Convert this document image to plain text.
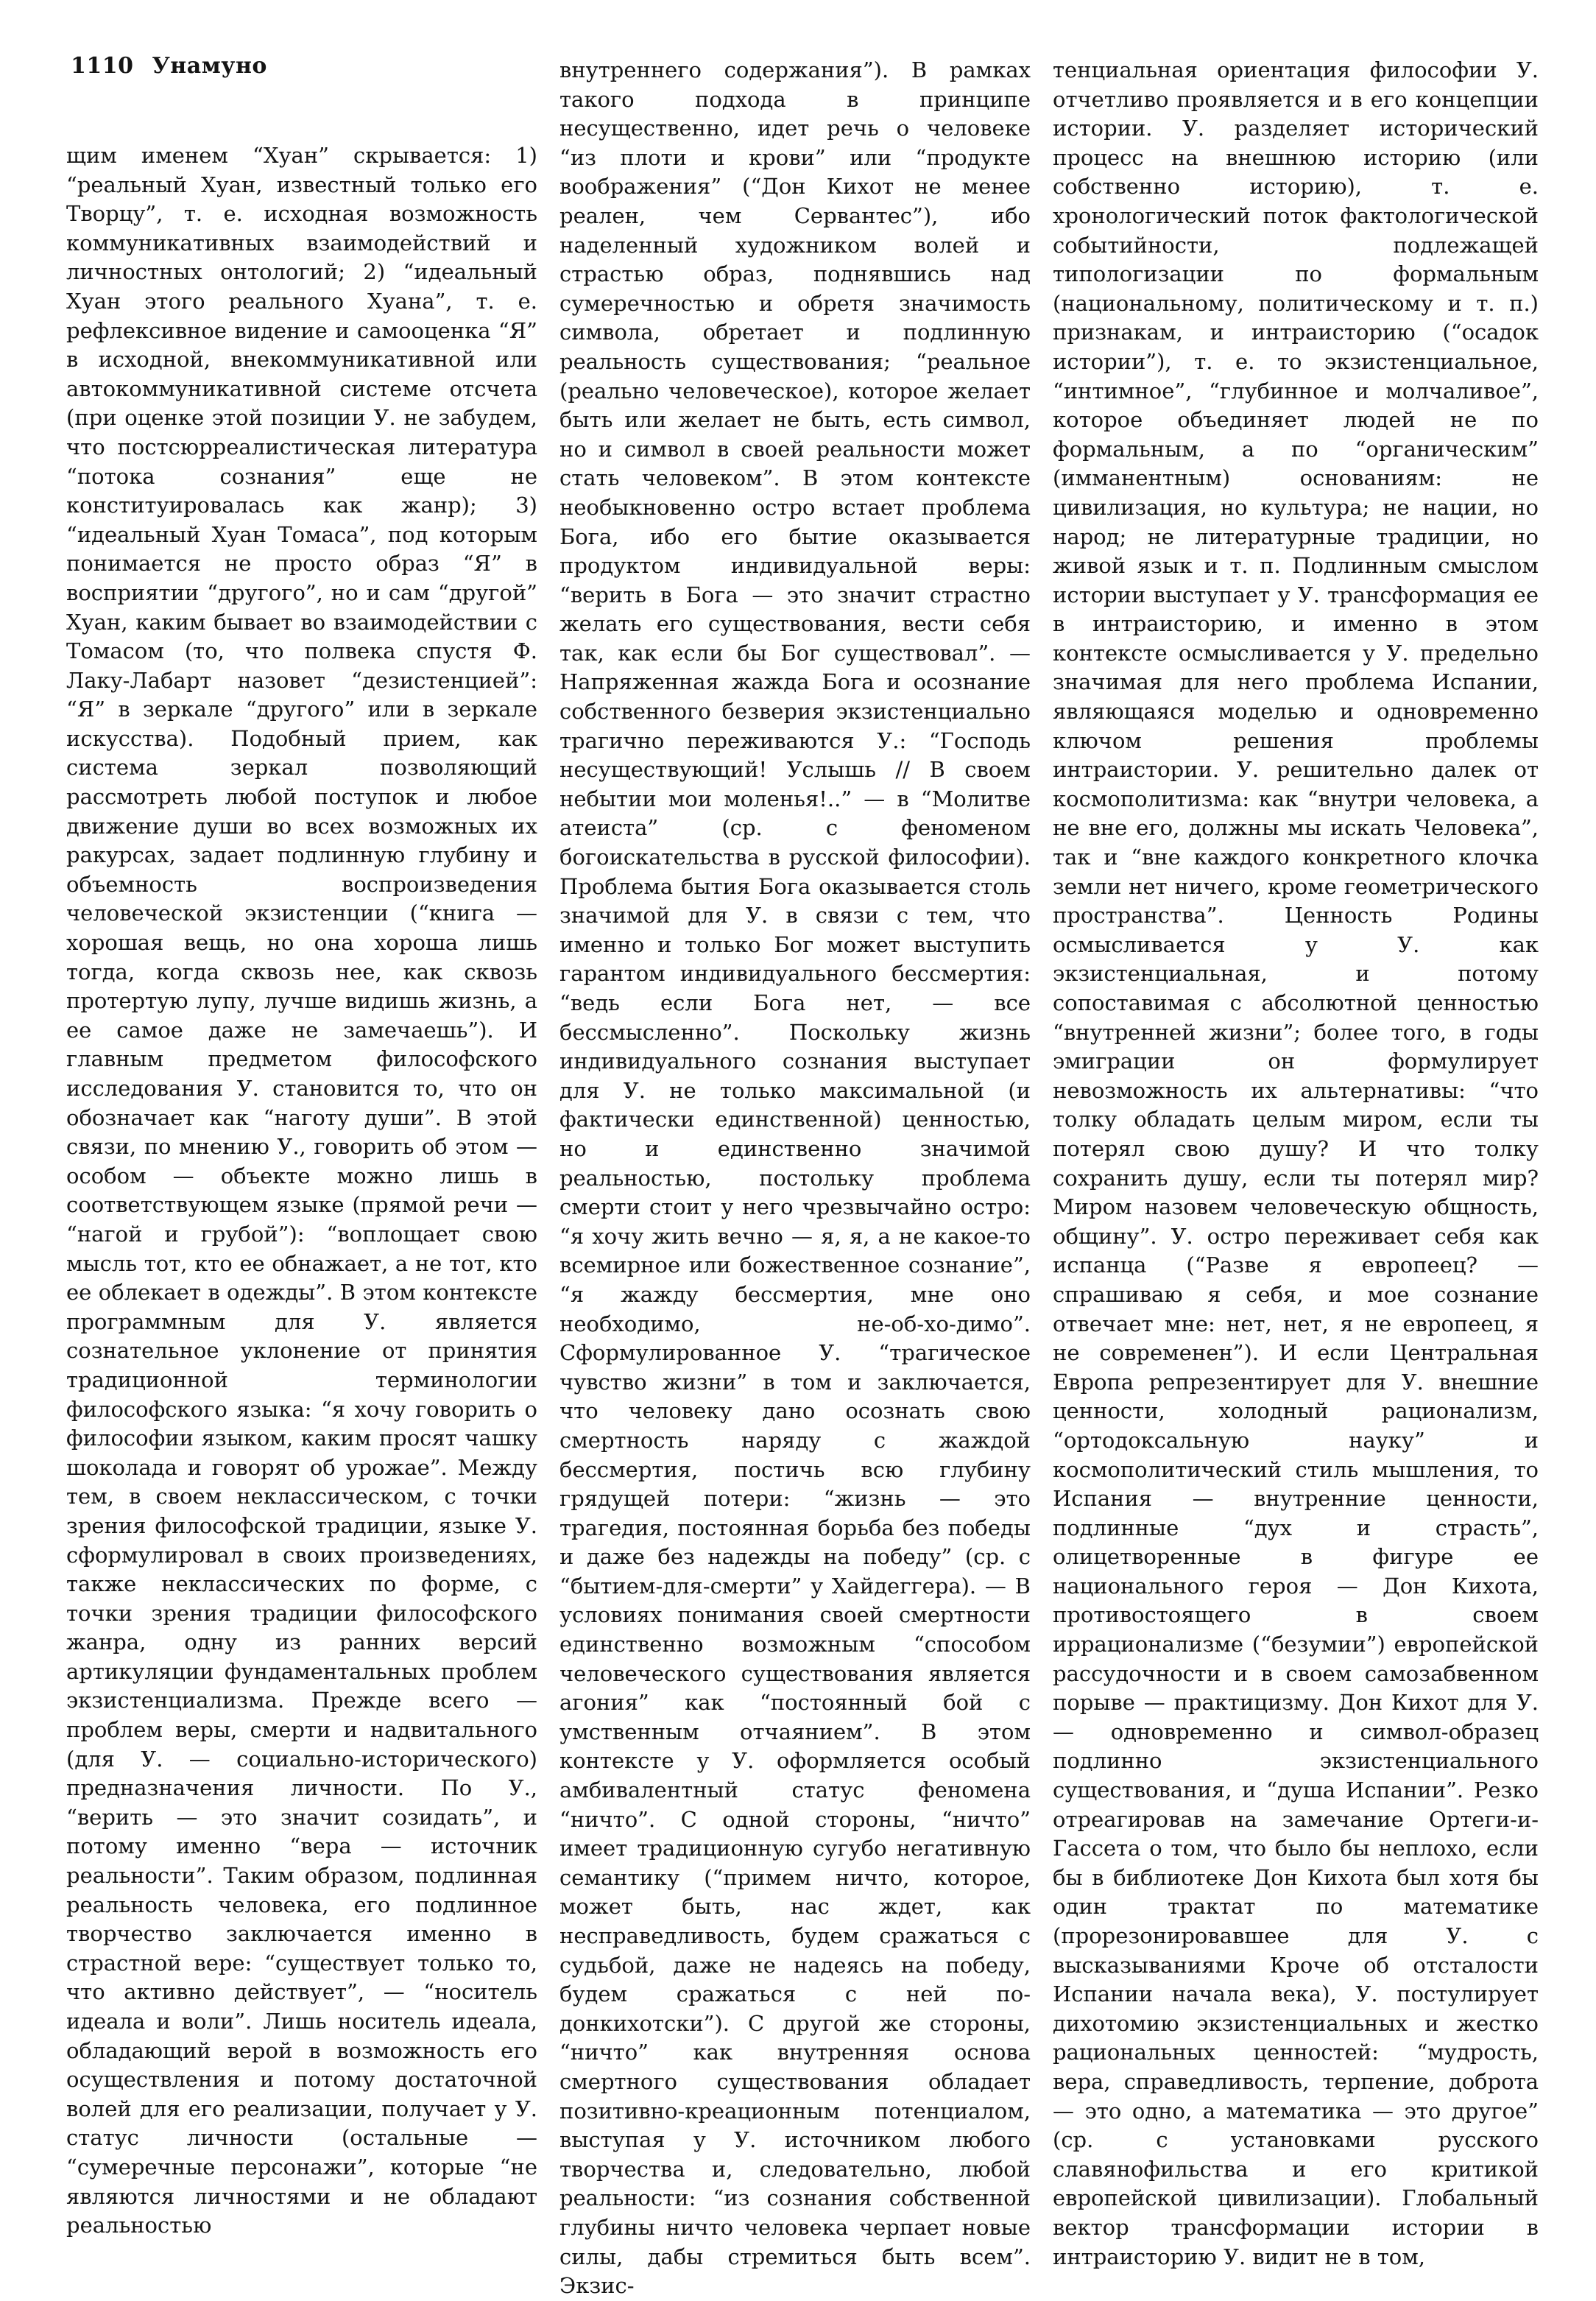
1110 Унамуно

щим именем “Хуан” скрывается: 1) “реальный Хуан, известный только его Творцу”, т. е. исходная возможность коммуникативных взаимодействий и личностных онтологий; 2) “идеальный Хуан этого реального Хуана”, т. е. рефлексивное видение и самооценка “Я” в исходной, внекоммуникативной или автокоммуникативной системе отсчета (при оценке этой позиции У. не забудем, что постсюрреалистическая литература “потока сознания” еще не конституировалась как жанр); 3) “идеальный Хуан Томаса”, под которым понимается не просто образ “Я” в восприятии “другого”, но и сам “другой” Хуан, каким бывает во взаимодействии с Томасом (то, что полвека спустя Ф. Лаку-Лабарт назовет “дезистенцией”: “Я” в зеркале “другого” или в зеркале искусства). Подобный прием, как система зеркал позволяющий рассмотреть любой поступок и любое движение души во всех возможных их ракурсах, задает подлинную глубину и объемность воспроизведения человеческой экзистенции (“книга — хорошая вещь, но она хороша лишь тогда, когда сквозь нее, как сквозь протертую лупу, лучше видишь жизнь, а ее самое даже не замечаешь”). И главным предметом философского исследования У. становится то, что он обозначает как “наготу души”. В этой связи, по мнению У., говорить об этом — особом — объекте можно лишь в соответствующем языке (прямой речи — “нагой и грубой”): “воплощает свою мысль тот, кто ее обнажает, а не тот, кто ее облекает в одежды”. В этом контексте программным для У. является сознательное уклонение от принятия традиционной терминологии философского языка: “я хочу говорить о философии языком, каким просят чашку шоколада и говорят об урожае”. Между тем, в своем неклассическом, с точки зрения философской традиции, языке У. сформулировал в своих произведениях, также неклассических по форме, с точки зрения традиции философского жанра, одну из ранних версий артикуляции фундаментальных проблем экзистенциализма. Прежде всего — проблем веры, смерти и надвитального (для У. — социально-исторического) предназначения личности. По У., “верить — это значит созидать”, и потому именно “вера — источник реальности”. Таким образом, подлинная реальность человека, его подлинное творчество заключается именно в страстной вере: “существует только то, что активно действует”, — “носитель идеала и воли”. Лишь носитель идеала, обладающий верой в возможность его осуществления и потому достаточной волей для его реализации, получает у У. статус личности (остальные — “сумеречные персонажи”, которые “не являются личностями и не обладают реальностью

внутреннего содержания”). В рамках такого подхода в принципе несущественно, идет речь о человеке “из плоти и крови” или “продукте воображения” (“Дон Кихот не менее реален, чем Сервантес”), ибо наделенный художником волей и страстью образ, поднявшись над сумеречностью и обретя значимость символа, обретает и подлинную реальность существования; “реальное (реально человеческое), которое желает быть или желает не быть, есть символ, но и символ в своей реальности может стать человеком”. В этом контексте необыкновенно остро встает проблема Бога, ибо его бытие оказывается продуктом индивидуальной веры: “верить в Бога — это значит страстно желать его существования, вести себя так, как если бы Бог существовал”. — Напряженная жажда Бога и осознание собственного безверия экзистенциально трагично переживаются У.: “Господь несуществующий! Услышь // В своем небытии мои моленья!..” — в “Молитве атеиста” (ср. с феноменом богоискательства в русской философии). Проблема бытия Бога оказывается столь значимой для У. в связи с тем, что именно и только Бог может выступить гарантом индивидуального бессмертия: “ведь если Бога нет, — все бессмысленно”. Поскольку жизнь индивидуального сознания выступает для У. не только максимальной (и фактически единственной) ценностью, но и единственно значимой реальностью, постольку проблема смерти стоит у него чрезвычайно остро: “я хочу жить вечно — я, я, а не какое-то всемирное или божественное сознание”, “я жажду бессмертия, мне оно необходимо, не-об-хо-димо”. Сформулированное У. “трагическое чувство жизни” в том и заключается, что человеку дано осознать свою смертность наряду с жаждой бессмертия, постичь всю глубину грядущей потери: “жизнь — это трагедия, постоянная борьба без победы и даже без надежды на победу” (ср. с “бытием-для-смерти” у Хайдеггера). — В условиях понимания своей смертности единственно возможным “способом человеческого существования является агония” как “постоянный бой с умственным отчаянием”. В этом контексте у У. оформляется особый амбивалентный статус феномена “ничто”. С одной стороны, “ничто” имеет традиционную сугубо негативную семантику (“примем ничто, которое, может быть, нас ждет, как несправедливость, будем сражаться с судьбой, даже не надеясь на победу, будем сражаться с ней по-донкихотски”). С другой же стороны, “ничто” как внутренняя основа смертного существования обладает позитивно-креационным потенциалом, выступая у У. источником любого творчества и, следовательно, любой реальности: “из сознания собственной глубины ничто человека черпает новые силы, дабы стремиться быть всем”. Экзис-

тенциальная ориентация философии У. отчетливо проявляется и в его концепции истории. У. разделяет исторический процесс на внешнюю историю (или собственно историю), т. е. хронологический поток фактологической событийности, подлежащей типологизации по формальным (национальному, политическому и т. п.) признакам, и интраисторию (“осадок истории”), т. е. то экзистенциальное, “интимное”, “глубинное и молчаливое”, которое объединяет людей не по формальным, а по “органическим” (имманентным) основаниям: не цивилизация, но культура; не нации, но народ; не литературные традиции, но живой язык и т. п. Подлинным смыслом истории выступает у У. трансформация ее в интраисторию, и именно в этом контексте осмысливается у У. предельно значимая для него проблема Испании, являющаяся моделью и одновременно ключом решения проблемы интраистории. У. решительно далек от космополитизма: как “внутри человека, а не вне его, должны мы искать Человека”, так и “вне каждого конкретного клочка земли нет ничего, кроме геометрического пространства”. Ценность Родины осмысливается у У. как экзистенциальная, и потому сопоставимая с абсолютной ценностью “внутренней жизни”; более того, в годы эмиграции он формулирует невозможность их альтернативы: “что толку обладать целым миром, если ты потерял свою душу? И что толку сохранить душу, если ты потерял мир? Миром назовем человеческую общность, общину”. У. остро переживает себя как испанца (“Разве я европеец? — спрашиваю я себя, и мое сознание отвечает мне: нет, нет, я не европеец, я не современен”). И если Центральная Европа репрезентирует для У. внешние ценности, холодный рационализм, “ортодоксальную науку” и космополитический стиль мышления, то Испания — внутренние ценности, подлинные “дух и страсть”, олицетворенные в фигуре ее национального героя — Дон Кихота, противостоящего в своем иррационализме (“безумии”) европейской рассудочности и в своем самозабвенном порыве — практицизму. Дон Кихот для У. — одновременно и символ-образец подлинно экзистенциального существования, и “душа Испании”. Резко отреагировав на замечание Ортеги-и-Гассета о том, что было бы неплохо, если бы в библиотеке Дон Кихота был хотя бы один трактат по математике (прорезонировавшее для У. с высказываниями Кроче об отсталости Испании начала века), У. постулирует дихотомию экзистенциальных и жестко рациональных ценностей: “мудрость, вера, справедливость, терпение, доброта — это одно, а математика — это другое” (ср. с установками русского славянофильства и его критикой европейской цивилизации). Глобальный вектор трансформации истории в интраисторию У. видит не в том,
